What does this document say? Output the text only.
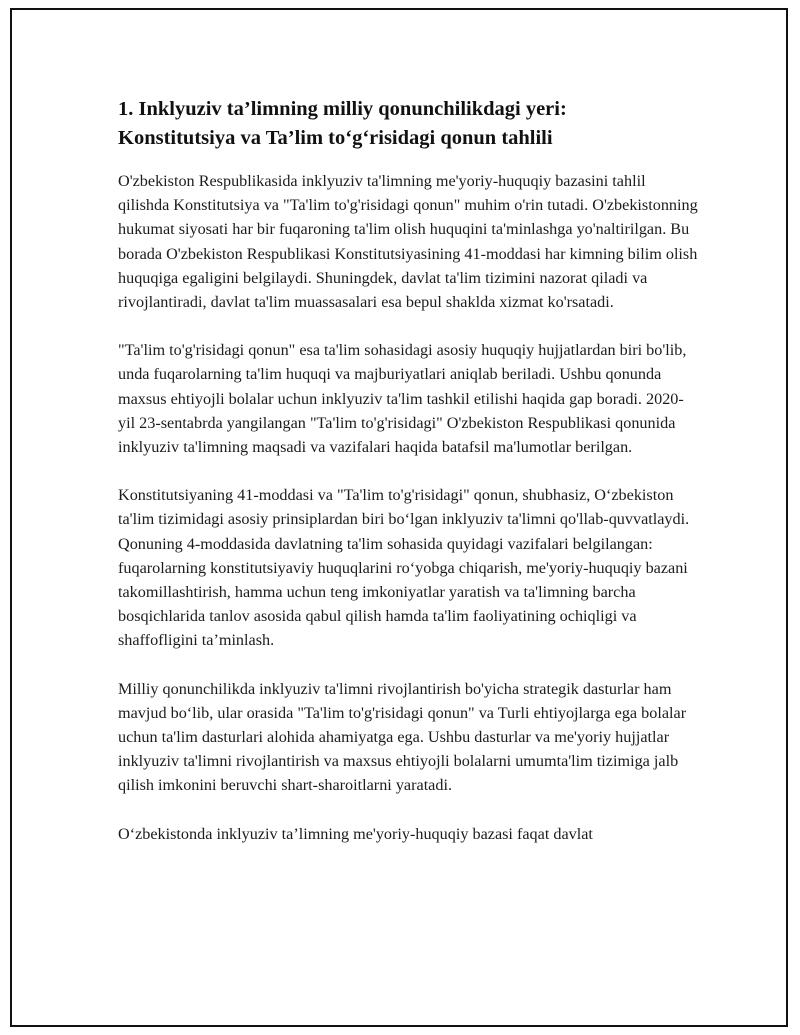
1. Inklyuziv ta’limning milliy qonunchilikdagi yeri:
Konstitutsiya va Ta’lim to‘g‘risidagi qonun tahlili

O'zbekiston Respublikasida inklyuziv ta'limning me'yoriy-huquqiy bazasini tahlil qilishda Konstitutsiya va "Ta'lim to'g'risidagi qonun" muhim o'rin tutadi. O'zbekistonning hukumat siyosati har bir fuqaroning ta'lim olish huquqini ta'minlashga yo'naltirilgan. Bu borada O'zbekiston Respublikasi Konstitutsiyasining 41-moddasi har kimning bilim olish huquqiga egaligini belgilaydi. Shuningdek, davlat ta'lim tizimini nazorat qiladi va rivojlantiradi, davlat ta'lim muassasalari esa bepul shaklda xizmat ko'rsatadi.

"Ta'lim to'g'risidagi qonun" esa ta'lim sohasidagi asosiy huquqiy hujjatlardan biri bo'lib, unda fuqarolarning ta'lim huquqi va majburiyatlari aniqlab beriladi. Ushbu qonunda maxsus ehtiyojli bolalar uchun inklyuziv ta'lim tashkil etilishi haqida gap boradi. 2020-yil 23-sentabrda yangilangan "Ta'lim to'g'risidagi" O'zbekiston Respublikasi qonunida inklyuziv ta'limning maqsadi va vazifalari haqida batafsil ma'lumotlar berilgan.

Konstitutsiyaning 41-moddasi va "Ta'lim to'g'risidagi" qonun, shubhasiz, O‘zbekiston ta'lim tizimidagi asosiy prinsiplardan biri bo‘lgan inklyuziv ta'limni qo'llab-quvvatlaydi. Qonuning 4-moddasida davlatning ta'lim sohasida quyidagi vazifalari belgilangan: fuqarolarning konstitutsiyaviy huquqlarini ro‘yobga chiqarish, me'yoriy-huquqiy bazani takomillashtirish, hamma uchun teng imkoniyatlar yaratish va ta'limning barcha bosqichlarida tanlov asosida qabul qilish hamda ta'lim faoliyatining ochiqligi va shaffofligini ta’minlash.

Milliy qonunchilikda inklyuziv ta'limni rivojlantirish bo'yicha strategik dasturlar ham mavjud bo‘lib, ular orasida "Ta'lim to'g'risidagi qonun" va Turli ehtiyojlarga ega bolalar uchun ta'lim dasturlari alohida ahamiyatga ega. Ushbu dasturlar va me'yoriy hujjatlar inklyuziv ta'limni rivojlantirish va maxsus ehtiyojli bolalarni umumta'lim tizimiga jalb qilish imkonini beruvchi shart-sharoitlarni yaratadi.

O‘zbekistonda inklyuziv ta’limning me'yoriy-huquqiy bazasi faqat davlat
